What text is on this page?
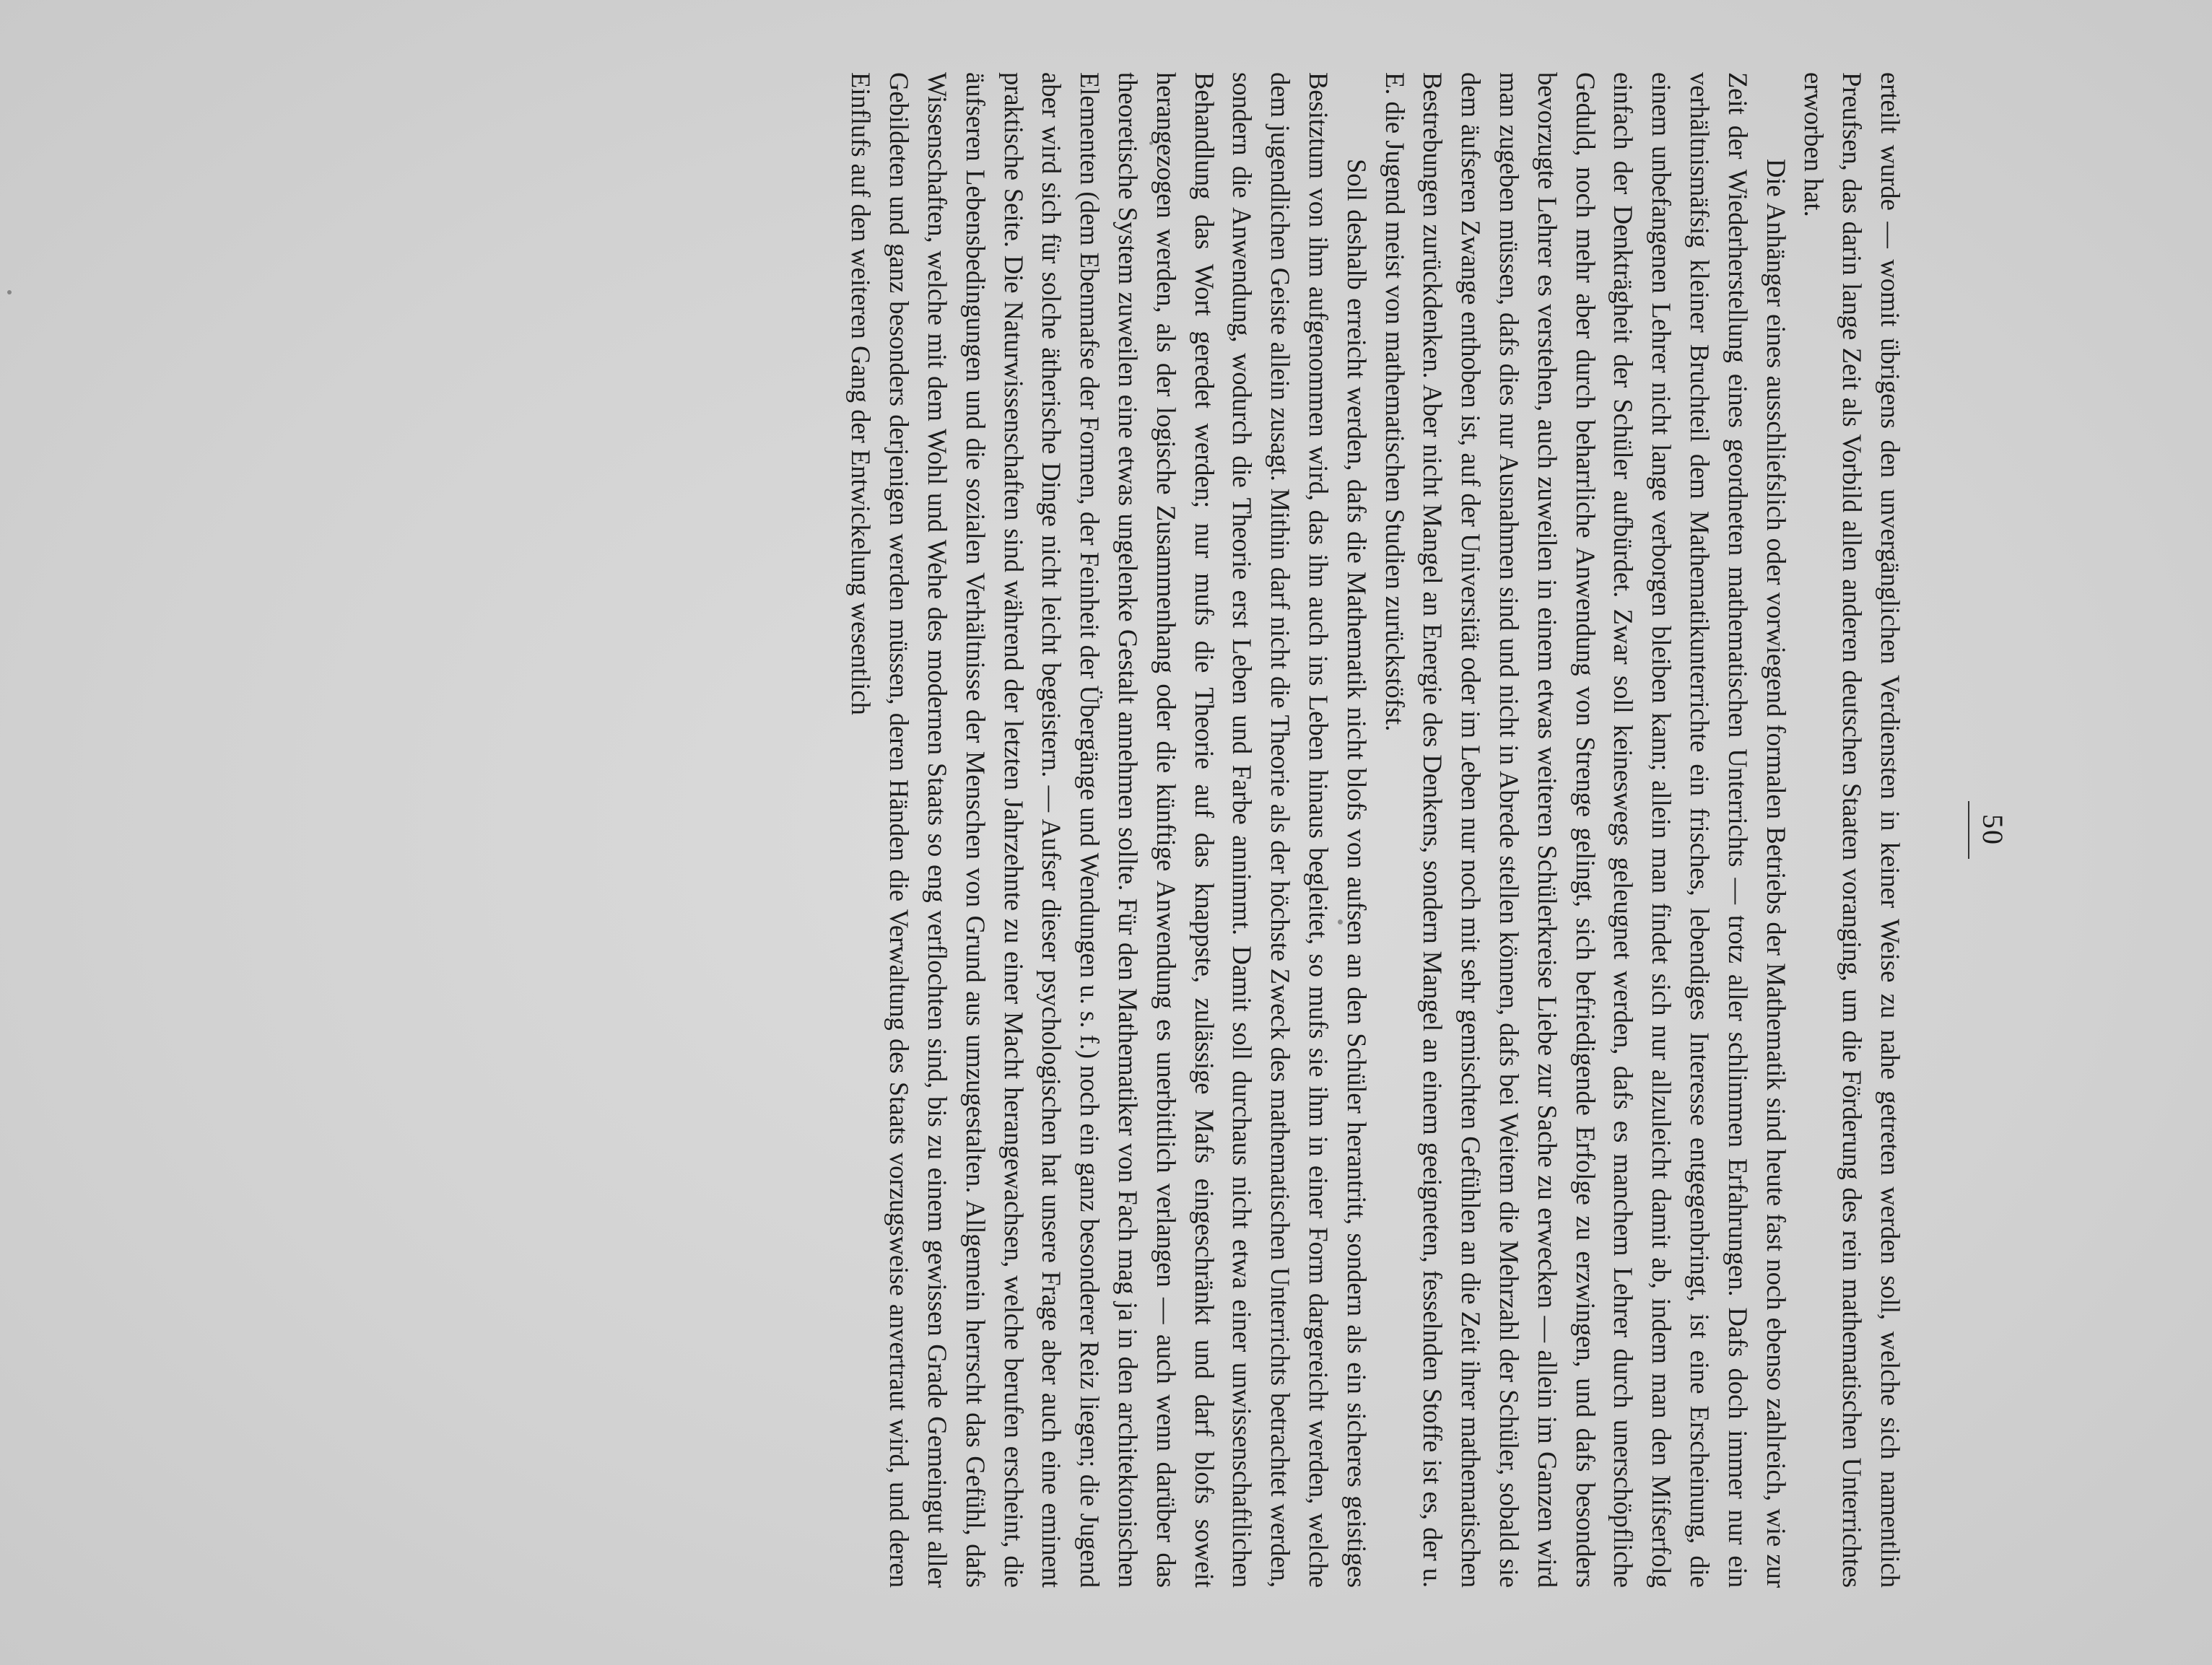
50

erteilt wurde — womit übrigens den unvergänglichen Verdiensten in keiner Weise zu nahe getreten werden soll, welche sich namentlich Preufsen, das darin lange Zeit als Vorbild allen anderen deutschen Staaten voranging, um die Förderung des rein mathematischen Unterrichtes erworben hat.

Die Anhänger eines ausschliefslich oder vorwiegend formalen Betriebs der Mathematik sind heute fast noch ebenso zahlreich, wie zur Zeit der Wiederherstellung eines geordneten mathematischen Unterrichts — trotz aller schlimmen Erfahrungen. Dafs doch immer nur ein verhältnismäfsig kleiner Bruchteil dem Mathematikunterrichte ein frisches, lebendiges Interesse entgegenbringt, ist eine Erscheinung, die einem unbefangenen Lehrer nicht lange verborgen bleiben kann; allein man findet sich nur allzuleicht damit ab, indem man den Mifserfolg einfach der Denkträgheit der Schüler aufbürdet. Zwar soll keineswegs geleugnet werden, dafs es manchem Lehrer durch unerschöpfliche Geduld, noch mehr aber durch beharrliche Anwendung von Strenge gelingt, sich befriedigende Erfolge zu erzwingen, und dafs besonders bevorzugte Lehrer es verstehen, auch zuweilen in einem etwas weiteren Schülerkreise Liebe zur Sache zu erwecken — allein im Ganzen wird man zugeben müssen, dafs dies nur Ausnahmen sind und nicht in Abrede stellen können, dafs bei Weitem die Mehrzahl der Schüler, sobald sie dem äufseren Zwange enthoben ist, auf der Universität oder im Leben nur noch mit sehr gemischten Gefühlen an die Zeit ihrer mathematischen Bestrebungen zurückdenken. Aber nicht Mangel an Energie des Denkens, sondern Mangel an einem geeigneten, fesselnden Stoffe ist es, der u. E. die Jugend meist von mathematischen Studien zurückstöfst.

Soll deshalb erreicht werden, dafs die Mathematik nicht blofs von aufsen an den Schüler herantritt, sondern als ein sicheres geistiges Besitztum von ihm aufgenommen wird, das ihn auch ins Leben hinaus begleitet, so mufs sie ihm in einer Form dargereicht werden, welche dem jugendlichen Geiste allein zusagt. Mithin darf nicht die Theorie als der höchste Zweck des mathematischen Unterrichts betrachtet werden, sondern die Anwendung, wodurch die Theorie erst Leben und Farbe annimmt. Damit soll durchaus nicht etwa einer unwissenschaftlichen Behandlung das Wort geredet werden; nur mufs die Theorie auf das knappste, zulässige Mafs eingeschränkt und darf blofs soweit herangezogen werden, als der logische Zusammenhang oder die künftige Anwendung es unerbittlich verlangen — auch wenn darüber das theoretische System zuweilen eine etwas ungelenke Gestalt annehmen sollte. Für den Mathematiker von Fach mag ja in den architektonischen Elementen (dem Ebenmafse der Formen, der Feinheit der Übergänge und Wendungen u. s. f.) noch ein ganz besonderer Reiz liegen; die Jugend aber wird sich für solche ätherische Dinge nicht leicht begeistern. — Aufser dieser psychologischen hat unsere Frage aber auch eine eminent praktische Seite. Die Naturwissenschaften sind während der letzten Jahrzehnte zu einer Macht herangewachsen, welche berufen erscheint, die äufseren Lebensbedingungen und die sozialen Verhältnisse der Menschen von Grund aus umzugestalten. Allgemein herrscht das Gefühl, dafs Wissenschaften, welche mit dem Wohl und Wehe des modernen Staats so eng verflochten sind, bis zu einem gewissen Grade Gemeingut aller Gebildeten und ganz besonders derjenigen werden müssen, deren Händen die Verwaltung des Staats vorzugsweise anvertraut wird, und deren Einflufs auf den weiteren Gang der Entwickelung wesentlich
